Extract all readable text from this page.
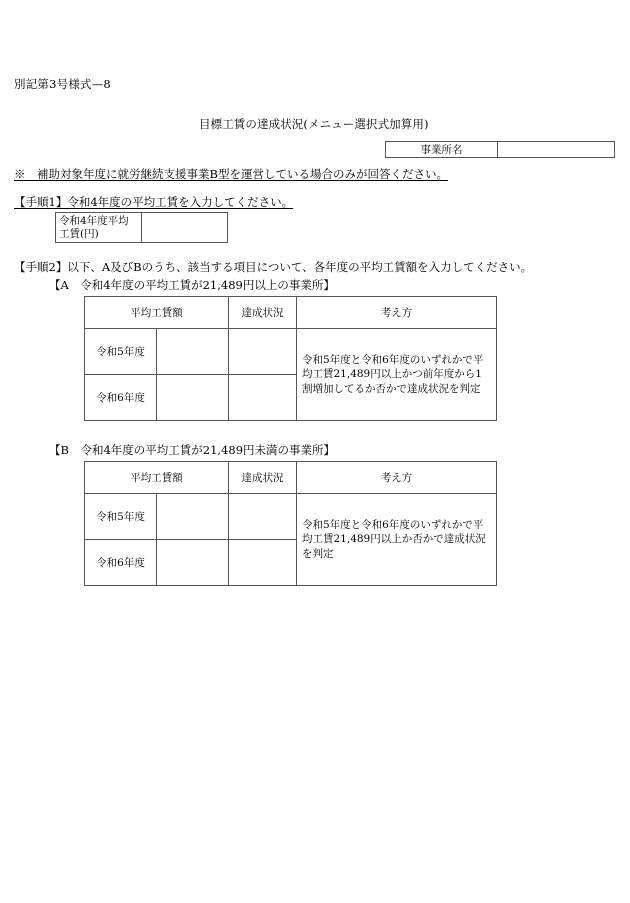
別記第3号様式—8
目標工賃の達成状況(メニュー選択式加算用)
事業所名
※　補助対象年度に就労継続支援事業B型を運営している場合のみが回答ください。
【手順1】令和4年度の平均工賃を入力してください。
令和4年度平均
工賃(円)
【手順2】以下、A及びBのうち、該当する項目について、各年度の平均工賃額を入力してください。
【A　令和4年度の平均工賃が21,489円以上の事業所】
平均工賃額		達成状況	考え方
令和5年度			令和5年度と令和6年度のいずれかで平均工賃21,489円以上かつ前年度から1割増加してるか否かで達成状況を判定
令和6年度			
【B　令和4年度の平均工賃が21,489円未満の事業所】
平均工賃額		達成状況	考え方
令和5年度			令和5年度と令和6年度のいずれかで平均工賃21,489円以上か否かで達成状況を判定
令和6年度			
